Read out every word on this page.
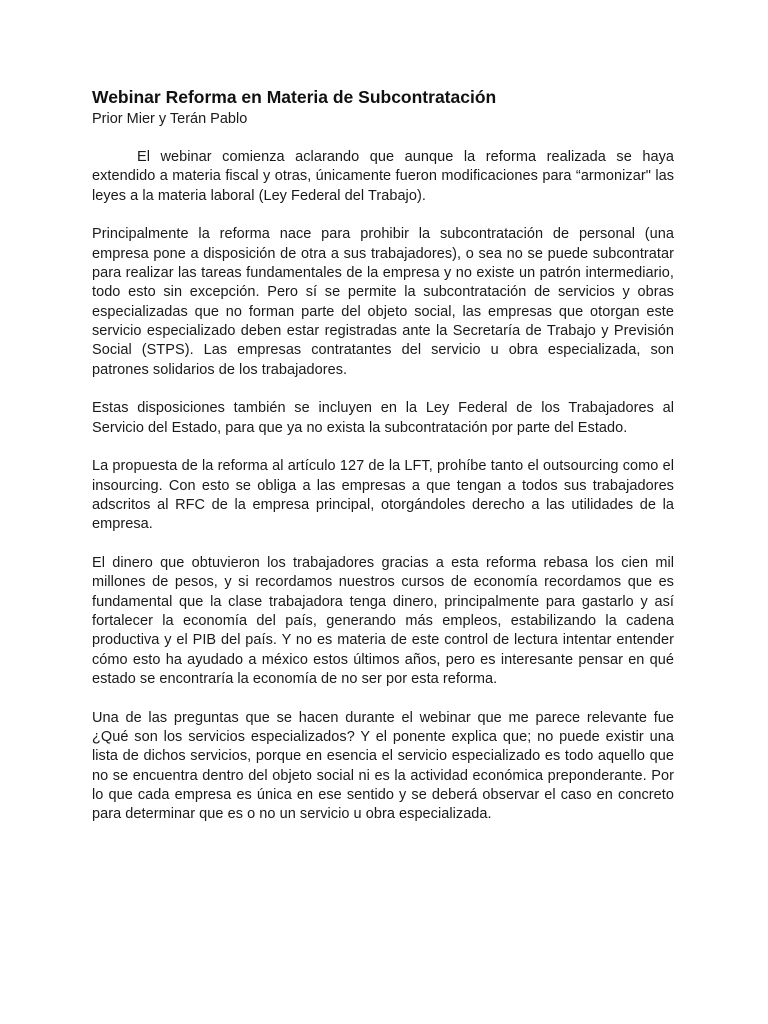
Webinar Reforma en Materia de Subcontratación

Prior Mier y Terán Pablo

El webinar comienza aclarando que aunque la reforma realizada se haya extendido a materia fiscal y otras, únicamente fueron modificaciones para “armonizar" las leyes a la materia laboral (Ley Federal del Trabajo).

Principalmente la reforma nace para prohibir la subcontratación de personal (una empresa pone a disposición de otra a sus trabajadores), o sea no se puede subcontratar para realizar las tareas fundamentales de la empresa y no existe un patrón intermediario, todo esto sin excepción. Pero sí se permite la subcontratación de servicios y obras especializadas que no forman parte del objeto social, las empresas que otorgan este servicio especializado deben estar registradas ante la Secretaría de Trabajo y Previsión Social (STPS). Las empresas contratantes del servicio u obra especializada, son patrones solidarios de los trabajadores.

Estas disposiciones también se incluyen en la Ley Federal de los Trabajadores al Servicio del Estado, para que ya no exista la subcontratación por parte del Estado.

La propuesta de la reforma al artículo 127 de la LFT, prohíbe tanto el outsourcing como el insourcing. Con esto se obliga a las empresas a que tengan a todos sus trabajadores adscritos al RFC de la empresa principal, otorgándoles derecho a las utilidades de la empresa.

El dinero que obtuvieron los trabajadores gracias a esta reforma rebasa los cien mil millones de pesos, y si recordamos nuestros cursos de economía recordamos que es fundamental que la clase trabajadora tenga dinero, principalmente para gastarlo y así fortalecer la economía del país, generando más empleos, estabilizando la cadena productiva y el PIB del país. Y no es materia de este control de lectura intentar entender cómo esto ha ayudado a méxico estos últimos años, pero es interesante pensar en qué estado se encontraría la economía de no ser por esta reforma.

Una de las preguntas que se hacen durante el webinar que me parece relevante fue ¿Qué son los servicios especializados? Y el ponente explica que; no puede existir una lista de dichos servicios, porque en esencia el servicio especializado es todo aquello que no se encuentra dentro del objeto social ni es la actividad económica preponderante. Por lo que cada empresa es única en ese sentido y se deberá observar el caso en concreto para determinar que es o no un servicio u obra especializada.
